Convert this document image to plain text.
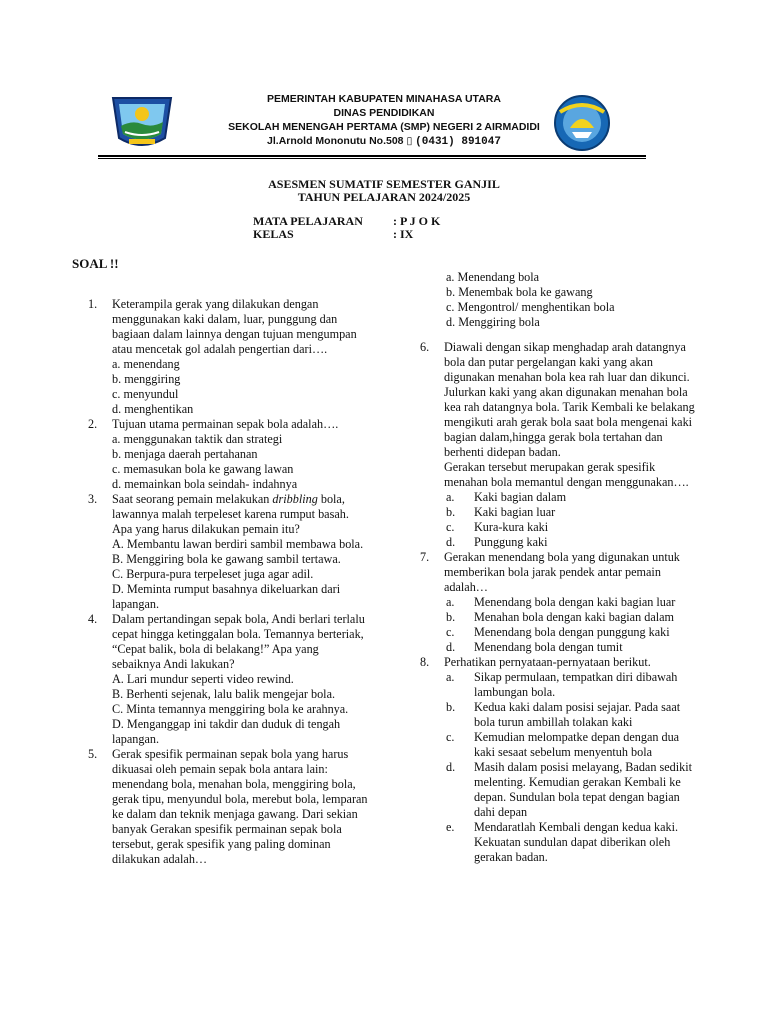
PEMERINTAH KABUPATEN MINAHASA UTARA
DINAS PENDIDIKAN
SEKOLAH MENENGAH PERTAMA (SMP) NEGERI 2 AIRMADIDI
Jl.Arnold Mononutu No.508 ▯ (0431) 891047
ASESMEN SUMATIF SEMESTER GANJIL
TAHUN PELAJARAN 2024/2025
MATA PELAJARAN	: P J O K
KELAS	: IX
SOAL !!
1.	Keterampila gerak yang dilakukan dengan menggunakan kaki dalam, luar, punggung dan bagiaan dalam lainnya dengan tujuan mengumpan atau mencetak gol adalah pengertian dari….
a. menendang
b. menggiring
c. menyundul
d. menghentikan
2.	Tujuan utama permainan sepak bola adalah….
a. menggunakan taktik dan strategi
b. menjaga daerah pertahanan
c. memasukan bola ke gawang lawan
d. memainkan bola seindah- indahnya
3.	Saat seorang pemain melakukan dribbling bola, lawannya malah terpeleset karena rumput basah. Apa yang harus dilakukan pemain itu?
A. Membantu lawan berdiri sambil membawa bola.
B. Menggiring bola ke gawang sambil tertawa.
C. Berpura-pura terpeleset juga agar adil.
D. Meminta rumput basahnya dikeluarkan dari lapangan.
4.	Dalam pertandingan sepak bola, Andi berlari terlalu cepat hingga ketinggalan bola. Temannya berteriak, “Cepat balik, bola di belakang!” Apa yang sebaiknya Andi lakukan?
A. Lari mundur seperti video rewind.
B. Berhenti sejenak, lalu balik mengejar bola.
C. Minta temannya menggiring bola ke arahnya.
D. Menganggap ini takdir dan duduk di tengah lapangan.
5.	Gerak spesifik permainan sepak bola yang harus dikuasai oleh pemain sepak bola antara lain: menendang bola, menahan bola, menggiring bola, gerak tipu, menyundul bola, merebut bola, lemparan ke dalam dan teknik menjaga gawang. Dari sekian banyak Gerakan spesifik permainan sepak bola tersebut, gerak spesifik yang paling dominan dilakukan adalah…
a. Menendang bola
b. Menembak bola ke gawang
c. Mengontrol/ menghentikan bola
d. Menggiring bola
6.	Diawali dengan sikap menghadap arah datangnya bola dan putar pergelangan kaki yang akan digunakan menahan bola kea rah luar dan dikunci. Julurkan kaki yang akan digunakan menahan bola kea rah datangnya bola. Tarik Kembali ke belakang mengikuti arah gerak bola saat bola mengenai kaki bagian dalam,hingga gerak bola tertahan dan berhenti didepan badan.
Gerakan tersebut merupakan gerak spesifik menahan bola memantul dengan menggunakan….
a.	Kaki bagian dalam
b.	Kaki bagian luar
c.	Kura-kura kaki
d.	Punggung kaki
7.	Gerakan menendang bola yang digunakan untuk memberikan bola jarak pendek antar pemain adalah…
a.	Menendang bola dengan kaki bagian luar
b.	Menahan bola dengan kaki bagian dalam
c.	Menendang bola dengan punggung kaki
d.	Menendang bola dengan tumit
8.	Perhatikan pernyataan-pernyataan berikut.
a.	Sikap permulaan, tempatkan diri dibawah lambungan bola.
b.	Kedua kaki dalam posisi sejajar. Pada saat bola turun ambillah tolakan kaki
c.	Kemudian melompatke depan dengan dua kaki sesaat sebelum menyentuh bola
d.	Masih dalam posisi melayang, Badan sedikit melenting. Kemudian gerakan Kembali ke depan. Sundulan bola tepat dengan bagian dahi depan
e.	Mendaratlah Kembali dengan kedua kaki. Kekuatan sundulan dapat diberikan oleh gerakan badan.
